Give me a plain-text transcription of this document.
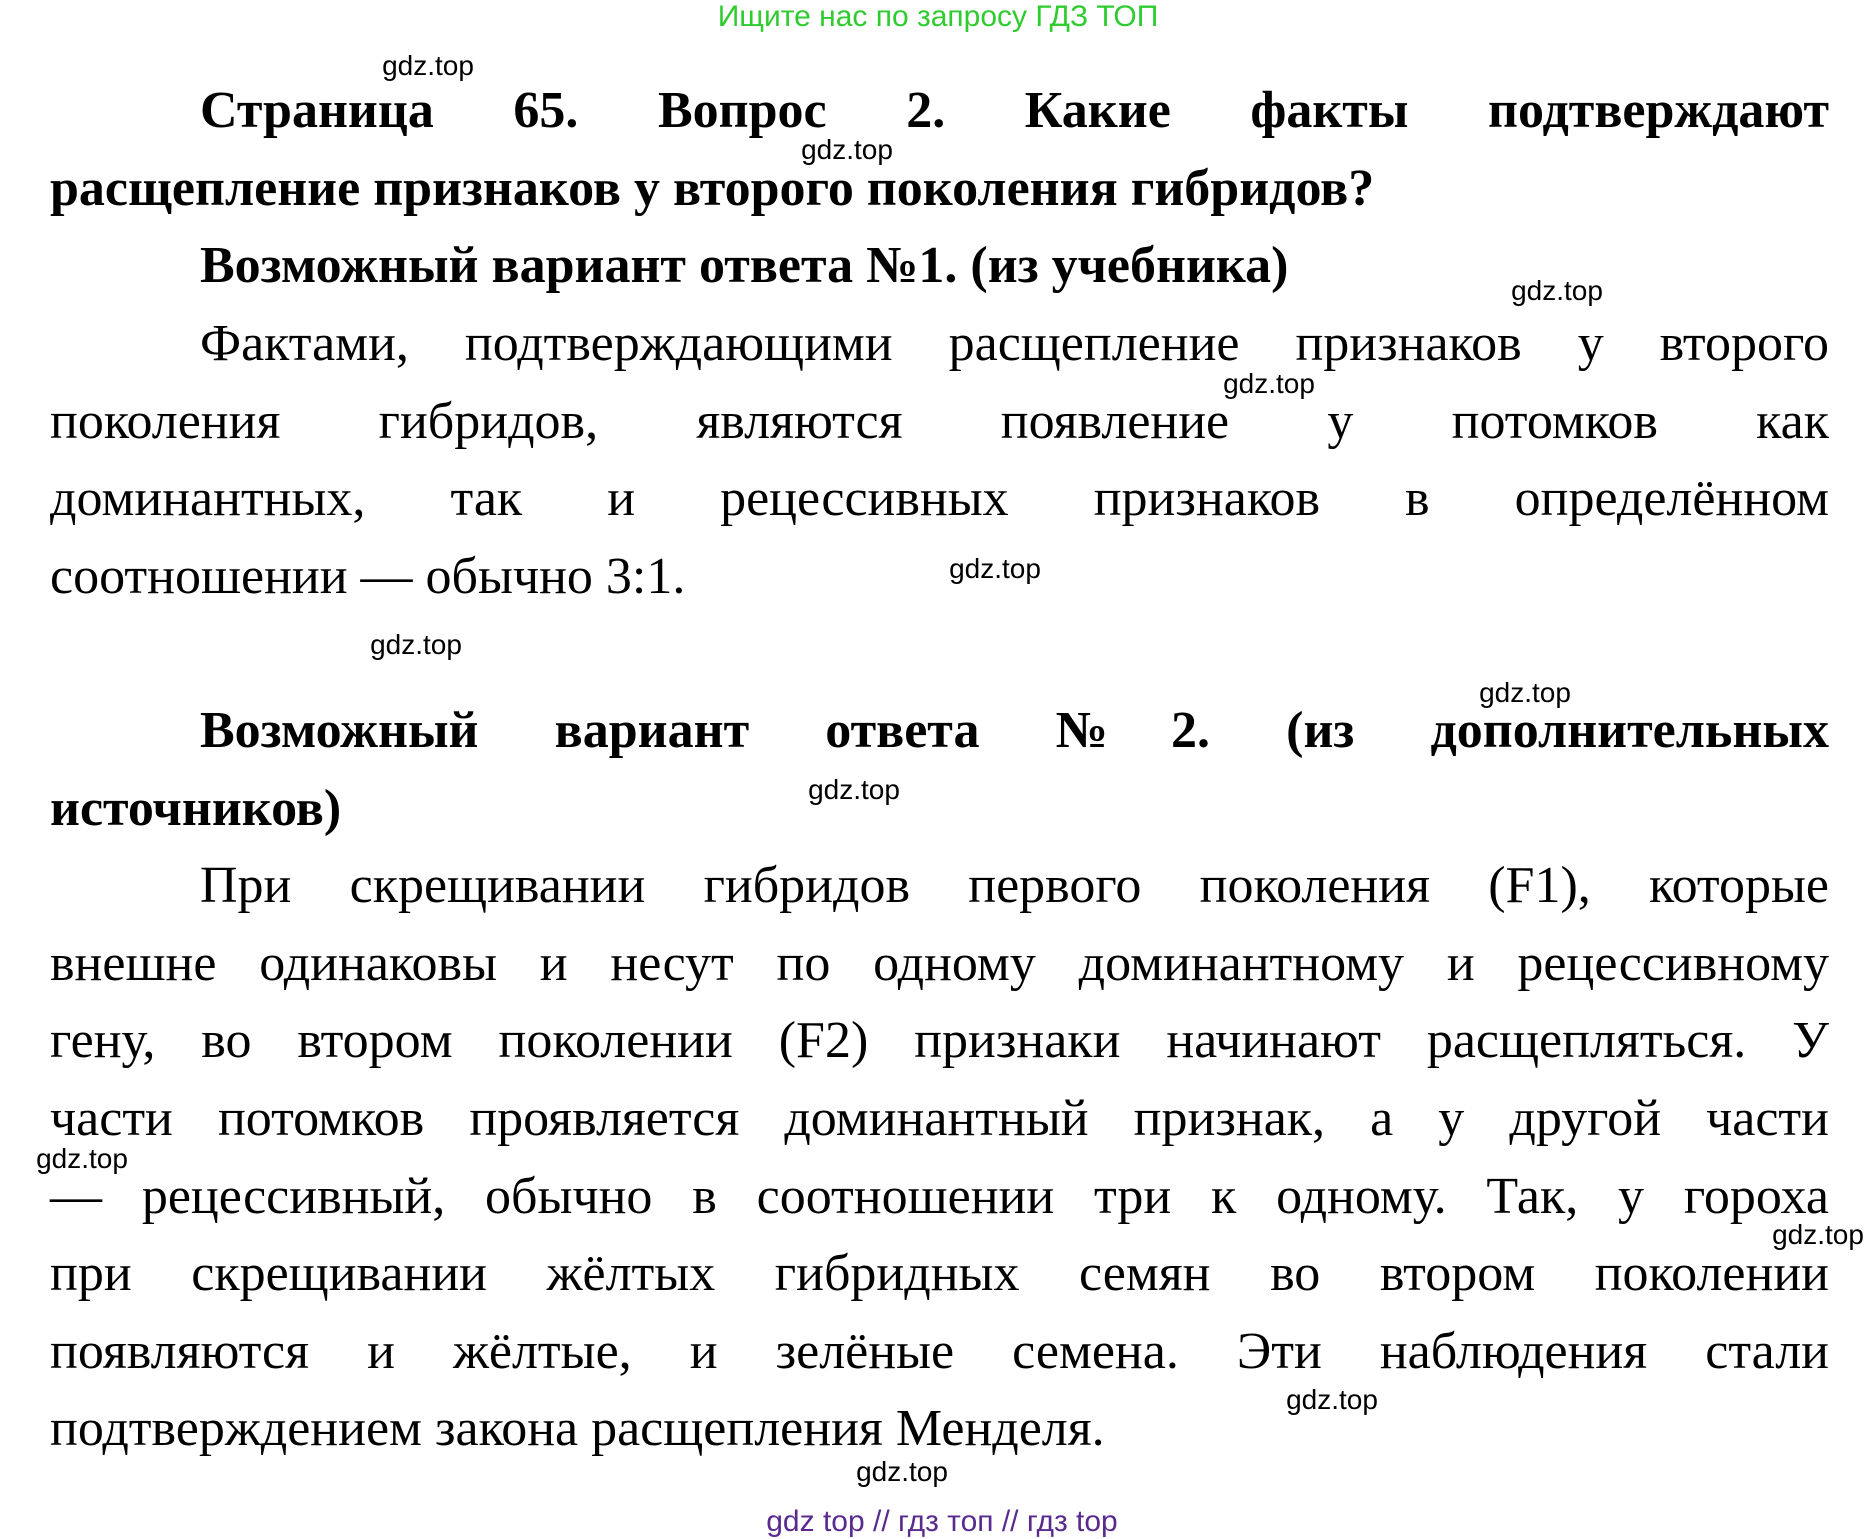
Ищите нас по запросу ГДЗ ТОП
Страница 65. Вопрос 2. Какие факты подтверждают
расщепление признаков у второго поколения гибридов?
Возможный вариант ответа №1. (из учебника)
Фактами, подтверждающими расщепление признаков у второго
поколения гибридов, являются появление у потомков как
доминантных, так и рецессивных признаков в определённом
соотношении — обычно 3:1.
Возможный вариант ответа №2. (из дополнительных
источников)
При скрещивании гибридов первого поколения (F1), которые
внешне одинаковы и несут по одному доминантному и рецессивному
гену, во втором поколении (F2) признаки начинают расщепляться. У
части потомков проявляется доминантный признак, а у другой части
— рецессивный, обычно в соотношении три к одному. Так, у гороха
при скрещивании жёлтых гибридных семян во втором поколении
появляются и жёлтые, и зелёные семена. Эти наблюдения стали
подтверждением закона расщепления Менделя.
gdz.top
gdz.top
gdz.top
gdz.top
gdz.top
gdz.top
gdz.top
gdz.top
gdz.top
gdz.top
gdz.top
gdz.top
gdz top // гдз топ // гдз top
